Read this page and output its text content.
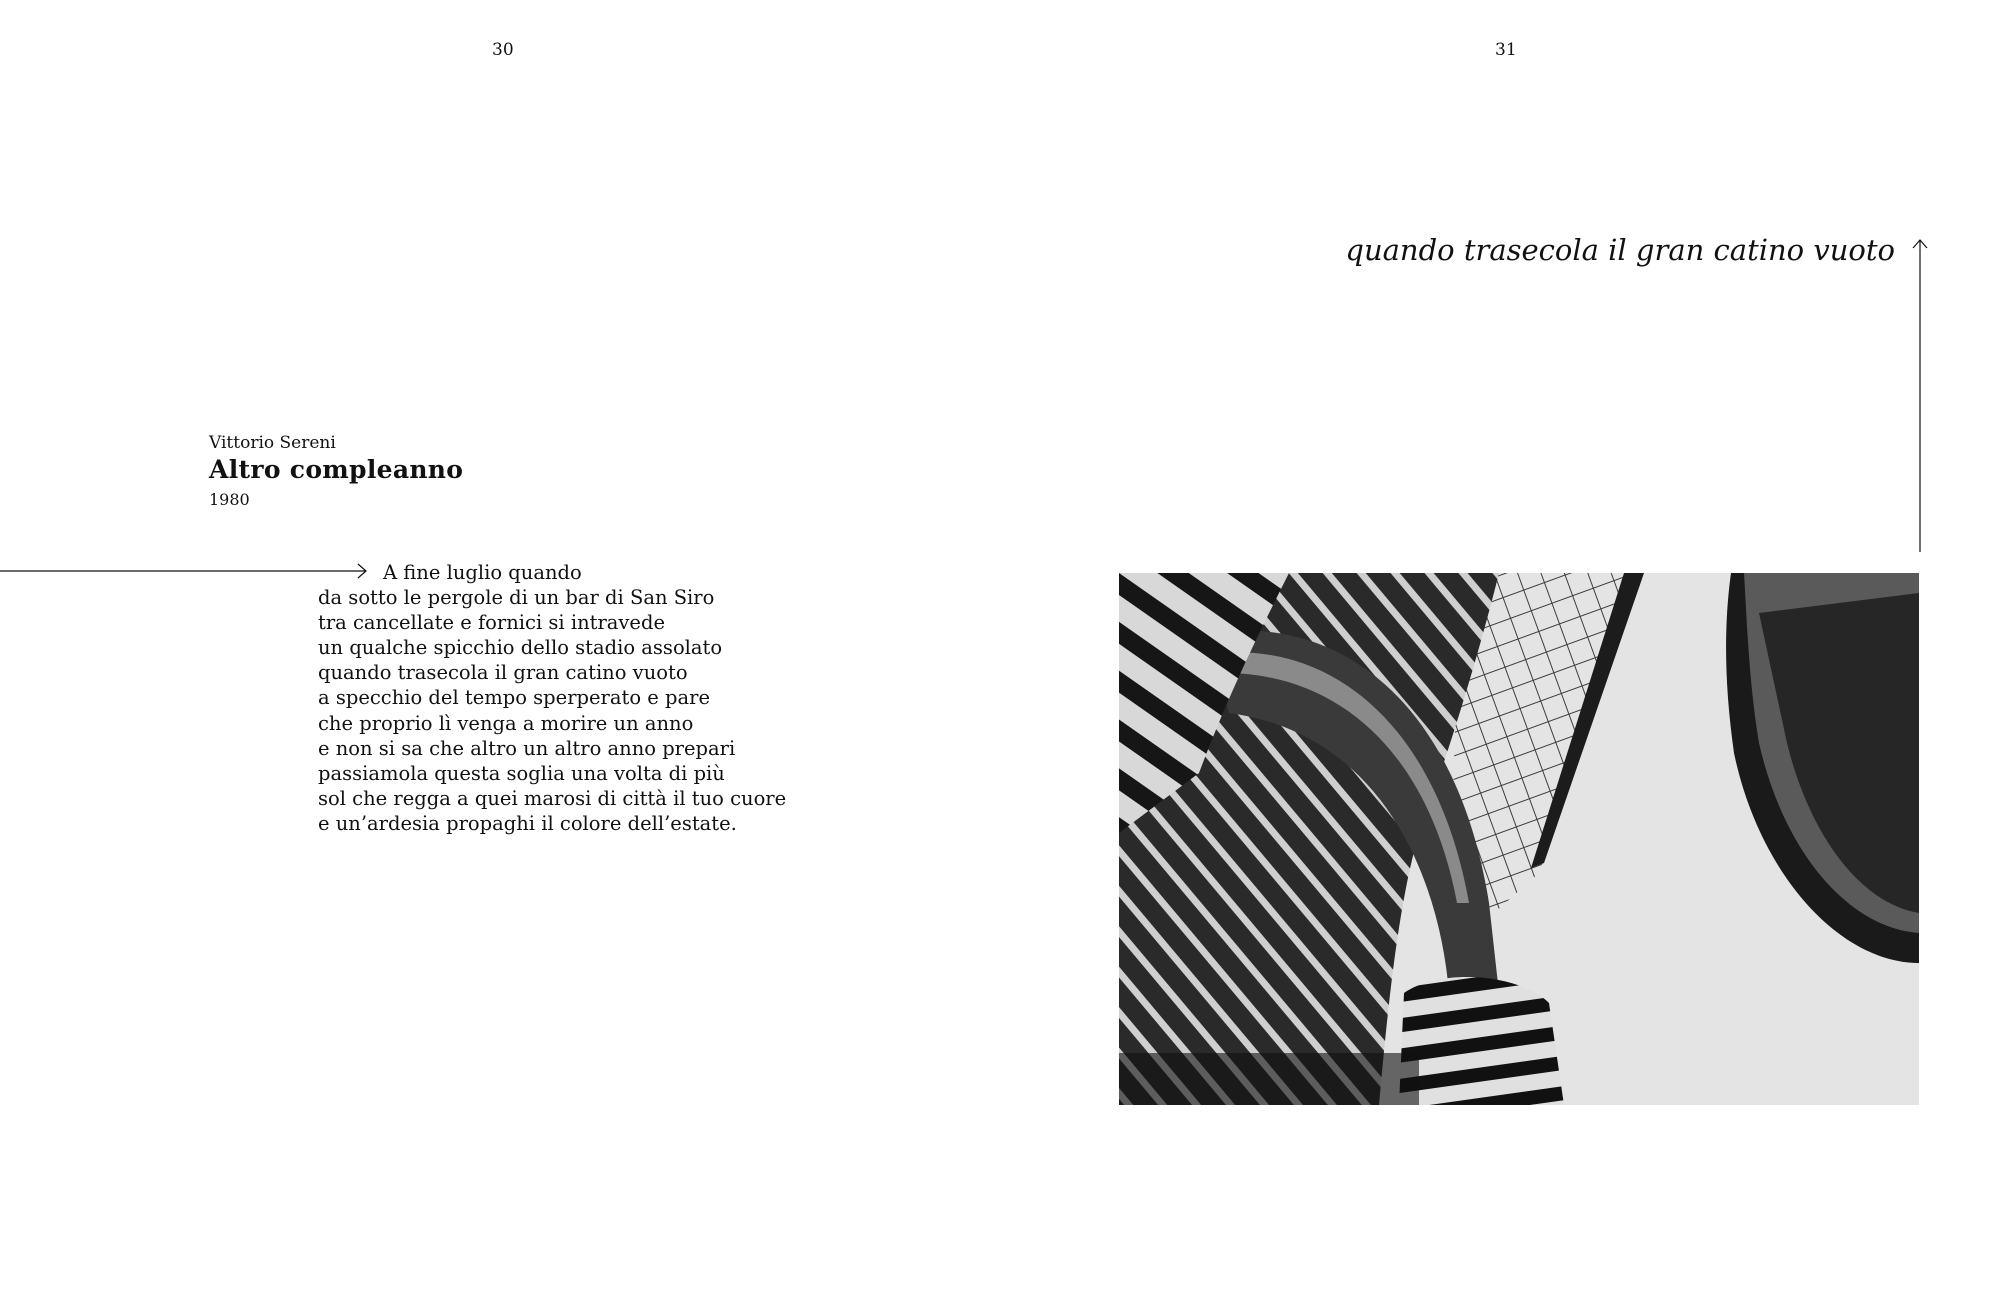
30	31
Vittorio Sereni
Altro compleanno
1980
A fine luglio quando
da sotto le pergole di un bar di San Siro
tra cancellate e fornici si intravede
un qualche spicchio dello stadio assolato
quando trasecola il gran catino vuoto
a specchio del tempo sperperato e pare
che proprio lì venga a morire un anno
e non si sa che altro un altro anno prepari
passiamola questa soglia una volta di più
sol che regga a quei marosi di città il tuo cuore
e un’ardesia propaghi il colore dell’estate.
quando trasecola il gran catino vuoto
